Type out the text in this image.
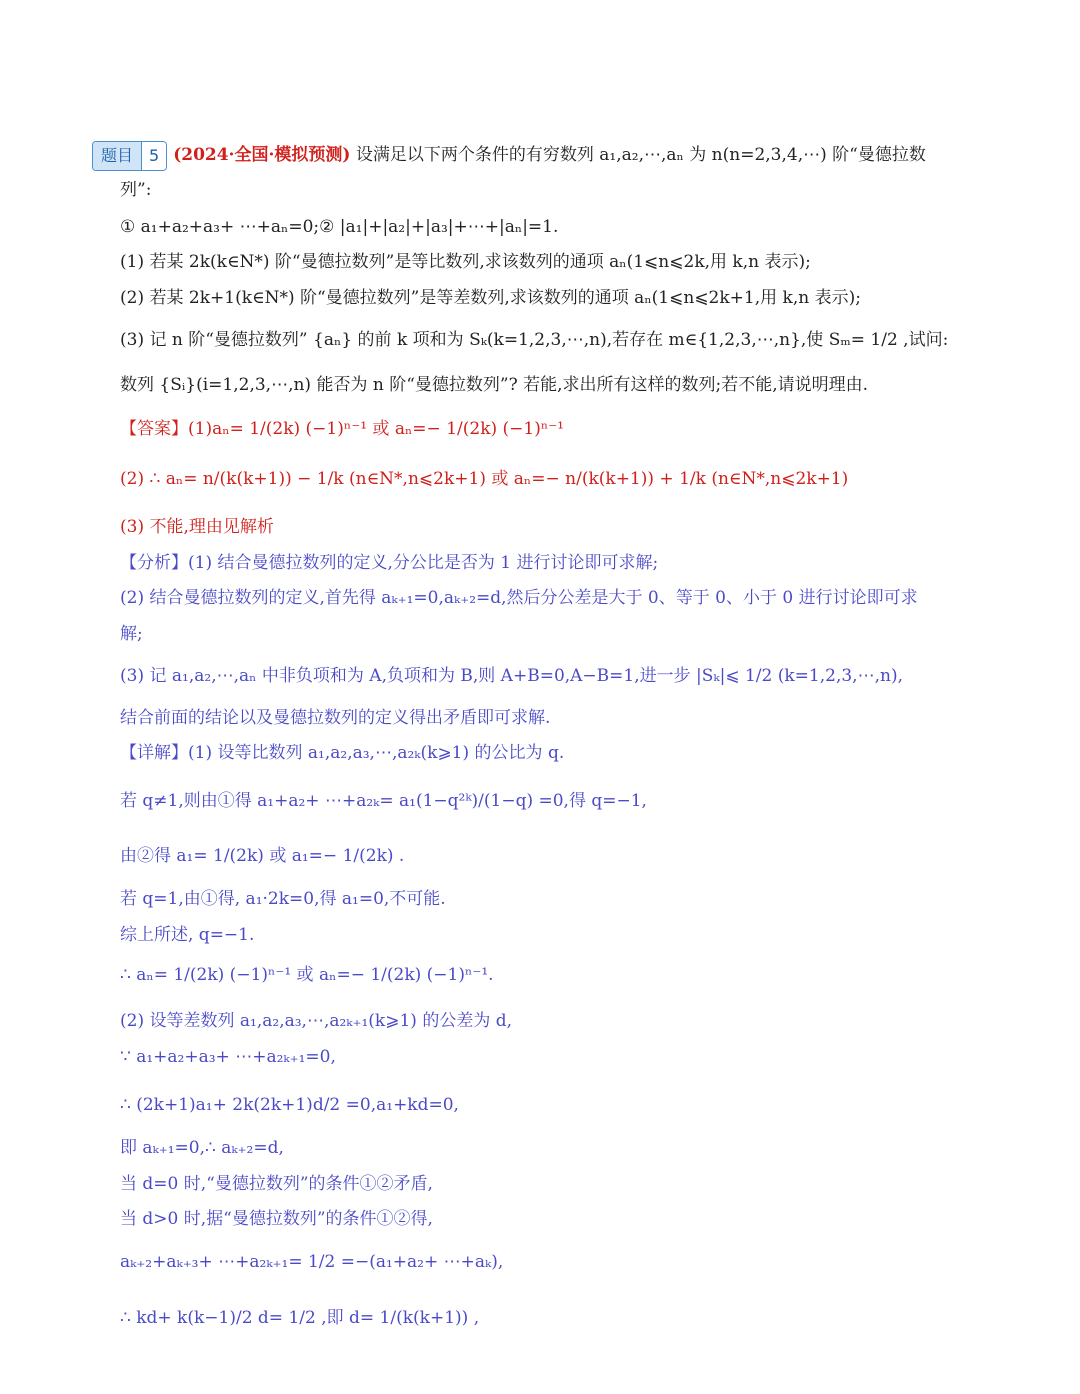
题目 5 (2024·全国·模拟预测) 设满足以下两个条件的有穷数列 a₁,a₂,⋯,aₙ 为 n(n=2,3,4,⋯) 阶“曼德拉数
列”:
① a₁+a₂+a₃+ ⋯+aₙ=0;② |a₁|+|a₂|+|a₃|+⋯+|aₙ|=1.
(1) 若某 2k(k∈N*) 阶“曼德拉数列”是等比数列,求该数列的通项 aₙ(1⩽n⩽2k,用 k,n 表示);
(2) 若某 2k+1(k∈N*) 阶“曼德拉数列”是等差数列,求该数列的通项 aₙ(1⩽n⩽2k+1,用 k,n 表示);
(3) 记 n 阶“曼德拉数列” {aₙ} 的前 k 项和为 Sₖ(k=1,2,3,⋯,n),若存在 m∈{1,2,3,⋯,n},使 Sₘ= 1/2 ,试问:
数列 {Sᵢ}(i=1,2,3,⋯,n) 能否为 n 阶“曼德拉数列”? 若能,求出所有这样的数列;若不能,请说明理由.
【答案】(1)aₙ= 1/(2k) (−1)ⁿ⁻¹ 或 aₙ=− 1/(2k) (−1)ⁿ⁻¹
(2) ∴ aₙ= n/(k(k+1)) − 1/k (n∈N*,n⩽2k+1) 或 aₙ=− n/(k(k+1)) + 1/k (n∈N*,n⩽2k+1)
(3) 不能,理由见解析
【分析】(1) 结合曼德拉数列的定义,分公比是否为 1 进行讨论即可求解;
(2) 结合曼德拉数列的定义,首先得 aₖ₊₁=0,aₖ₊₂=d,然后分公差是大于 0、等于 0、小于 0 进行讨论即可求
解;
(3) 记 a₁,a₂,⋯,aₙ 中非负项和为 A,负项和为 B,则 A+B=0,A−B=1,进一步 |Sₖ|⩽ 1/2 (k=1,2,3,⋯,n),
结合前面的结论以及曼德拉数列的定义得出矛盾即可求解.
【详解】(1) 设等比数列 a₁,a₂,a₃,⋯,a₂ₖ(k⩾1) 的公比为 q.
若 q≠1,则由①得 a₁+a₂+ ⋯+a₂ₖ= a₁(1−q²ᵏ)/(1−q) =0,得 q=−1,
由②得 a₁= 1/(2k) 或 a₁=− 1/(2k) .
若 q=1,由①得, a₁·2k=0,得 a₁=0,不可能.
综上所述, q=−1.
∴ aₙ= 1/(2k) (−1)ⁿ⁻¹ 或 aₙ=− 1/(2k) (−1)ⁿ⁻¹.
(2) 设等差数列 a₁,a₂,a₃,⋯,a₂ₖ₊₁(k⩾1) 的公差为 d,
∵ a₁+a₂+a₃+ ⋯+a₂ₖ₊₁=0,
∴ (2k+1)a₁+ 2k(2k+1)d/2 =0,a₁+kd=0,
即 aₖ₊₁=0,∴ aₖ₊₂=d,
当 d=0 时,“曼德拉数列”的条件①②矛盾,
当 d>0 时,据“曼德拉数列”的条件①②得,
aₖ₊₂+aₖ₊₃+ ⋯+a₂ₖ₊₁= 1/2 =−(a₁+a₂+ ⋯+aₖ),
∴ kd+ k(k−1)/2 d= 1/2 ,即 d= 1/(k(k+1)) ,
